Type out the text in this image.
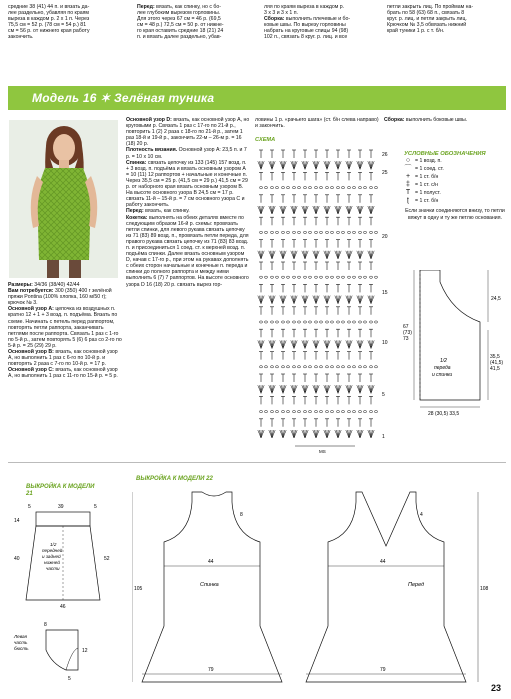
средние 38 (41) 44 п. и вязать да-
лее раздельно, убавляя по краям
выреза в каждом р. 2 х 1 п. Через
75,5 см = 52 р. (78 см = 54 р.) 81
см = 56 р. от нижнего края работу
закончить.
Перед: вязать, как спинку, но с бо-
лее глубоким вырезом горловины.
Для этого через 67 см = 46 р. (69,5
см = 48 р.) 72,5 см = 50 р. от нижне-
го края оставить средние 18 (21) 24
п. и вязать далее раздельно, убав-
ляя по краям выреза в каждом р.
3 х 3 и 3 х 1 п.
Сборка: выполнить плечевые и бо-
ковые швы. По вырезу горловины
набрать на круговые спицы 94 (98)
102 п., связать 8 круг. р. лиц. и все
петли закрыть лиц. По проймам на-
брать по 58 (63) 68 п., связать 8
круг. р. лиц. и петли закрыть лиц.
Крючком № 3,5 обвязать нижний
край туники 1 р. с т. б/н.
Модель 16 ✶ Зелёная туника
Размеры: 34/36 (38/40) 42/44
Вам потребуется: 300 (350) 400 г зелёной пряжи Pontina (100% хлопка, 160 м/50 г); крючок № 3.
Основной узор A: цепочка из воздушных п. кратно 12 + 1 + 3 возд. п. подъёма. Вязать по схеме. Начинать с петель перед раппортом, повторять петли раппорта, заканчивать петлями после раппорта. Связать 1 раз с 1-го по 5-й р., затем повторять 5 (6) 6 раз со 2-го по 5-й р. = 25 (29) 29 р.
Основной узор B: вязать, как основной узор A, но выполнить 1 раз с 6-го по 10-й р. и повторять 2 раза с 7-го по 10-й р. = 17 р.
Основной узор C: вязать, как основной узор A, но выполнить 1 раз с 11-го по 15-й р. = 5 р.
Основной узор D: вязать, как основной узор A, но круговыми р. Связать 1 раз с 17-го по 21-й р., повторить 1 (2) 2 раза с 18-го по 21-й р., затем 1 раз 18-й и 19-й р., закончить 22-м – 26-м р. = 16 (18) 20 р.
Плотность вязания. Основной узор A: 23,5 п. и 7 р. = 10 x 10 см.
Спинка: связать цепочку из 133 (145) 157 возд. п. + 3 возд. п. подъёма и вязать основным узором A = 10 (11) 12 раппортов + начальные и конечные п. Через 35,5 см = 25 р. (41,5 см = 29 р.) 41,5 см = 29 р. от наборного края вязать основным узором B. На высоте основного узора B 24,5 см = 17 р. связать 11-й – 15-й р. = 7 см основного узора C и работу закончить.
Перед: вязать, как спинку.
Кокетка: выполнять на обеих деталях вместе по следующим образом 16-й р. схемы: провязать петли спинки, для левого рукава связать цепочку из 71 (83) 89 возд. п., провязать петли переда, для правого рукава связать цепочку из 71 (83) 83 возд. п. и присоединиться 1 соед. ст. к верхней возд. п. подъёма спинки. Далее вязать основным узором D, начав с 17-го р., при этом на рукавах дополнять с обеих сторон начальные и конечные п. переда и спинки до полного раппорта и между ними выполнить 6 (7) 7 раппортов. На высоте основного узора D 16 (18) 20 р. связать вырез гор-
ловины 1 р. «рачьего шага» (ст. б/н слева направо) и закончить.
Сборка: выполнить боковые швы.
СХЕМА
26
25
20
15
10
5
1
МS
УСЛОВНЫЕ ОБОЗНАЧЕНИЯ
○ = 1 возд. п.
⌒ = 1 соед. ст.
+ = 1 ст. б/н
‡ = 1 ст. с/н
T = 1 полуст.
ʈ	= 1 ст. б/н
Если значки соединяются внизу, то петли вяжут в одну и ту же петлю основания.
24,5
67
(73)
73
35,5
(41,5)
41,5
1/2
переда
и спинки
28 (30,5) 33,5
ВЫКРОЙКА К МОДЕЛИ 21
5	39	5
14
52
40
46
1/2
передней
и задней
нижней
части
8
12
5
Левая
часть
бюсть
ВЫКРОЙКА К МОДЕЛИ 22
105
44
79
Спинка
8
108
44
79
Перед
4
23
